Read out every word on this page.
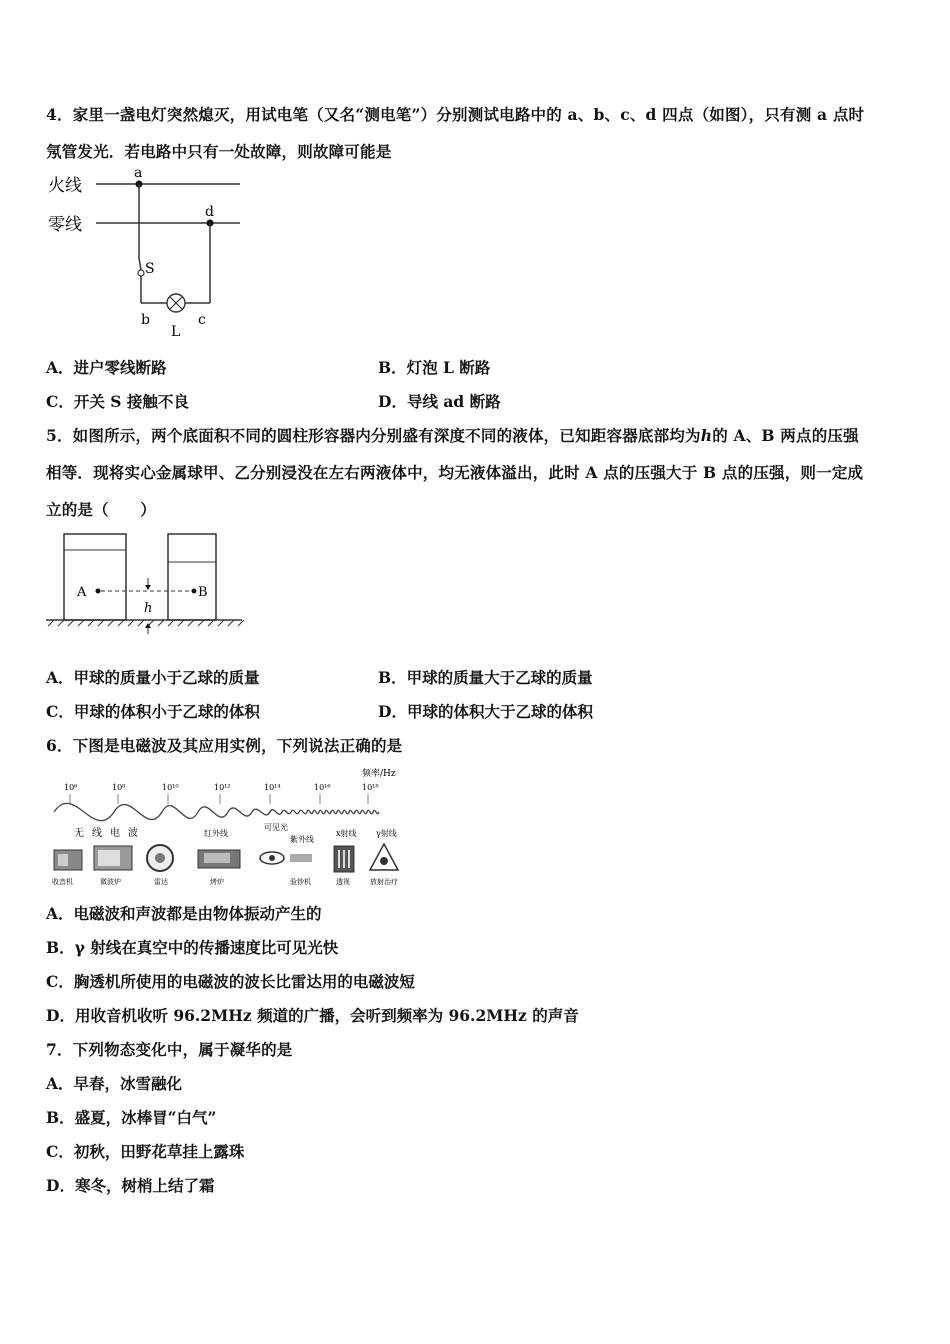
4．家里一盏电灯突然熄灭，用试电笔（又名“测电笔”）分别测试电路中的 a、b、c、d 四点（如图），只有测 a 点时
氖管发光．若电路中只有一处故障，则故障可能是
火线
零线
a
d
S
b
L
c
A．进户零线断路	B．灯泡 L 断路
C．开关 S 接触不良	D．导线 ad 断路
5．如图所示，两个底面积不同的圆柱形容器内分别盛有深度不同的液体，已知距容器底部均为h的 A、B 两点的压强
相等．现将实心金属球甲、乙分别浸没在左右两液体中，均无液体溢出，此时 A 点的压强大于 B 点的压强，则一定成
立的是（　　）
A	B
h
A．甲球的质量小于乙球的质量	B．甲球的质量大于乙球的质量
C．甲球的体积小于乙球的体积	D．甲球的体积大于乙球的体积
6．下图是电磁波及其应用实例，下列说法正确的是
频率/Hz
10⁶	10⁸	10¹⁰	10¹²	10¹⁴	10¹⁶	10¹⁸
无线电波	红外线
可见光
紫外线
x射线 γ射线
收音机	微波炉	雷达	烤炉	验钞机	透视	放射治疗
A．电磁波和声波都是由物体振动产生的
B．γ 射线在真空中的传播速度比可见光快
C．胸透机所使用的电磁波的波长比雷达用的电磁波短
D．用收音机收听 96.2MHz 频道的广播，会听到频率为 96.2MHz 的声音
7．下列物态变化中，属于凝华的是
A．早春，冰雪融化
B．盛夏，冰棒冒“白气”
C．初秋，田野花草挂上露珠
D．寒冬，树梢上结了霜
